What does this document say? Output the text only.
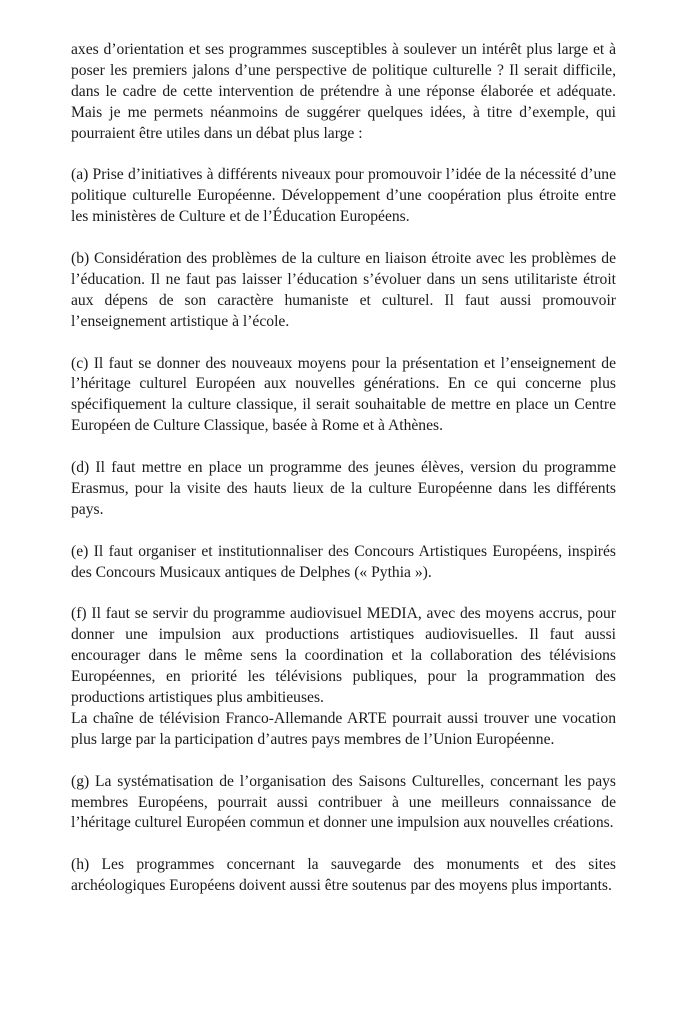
axes d’orientation et ses programmes susceptibles à soulever un intérêt plus large et à poser les premiers jalons d’une perspective de politique culturelle ? Il serait difficile, dans le cadre de cette intervention de prétendre à une réponse élaborée et adéquate. Mais je me permets néanmoins de suggérer quelques idées, à titre d’exemple, qui pourraient être utiles dans un débat plus large :

(a) Prise d’initiatives à différents niveaux pour promouvoir l’idée de la nécessité d’une politique culturelle Européenne. Développement d’une coopération plus étroite entre les ministères de Culture et de l’Éducation Européens.

(b) Considération des problèmes de la culture en liaison étroite avec les problèmes de l’éducation. Il ne faut pas laisser l’éducation s’évoluer dans un sens utilitariste étroit aux dépens de son caractère humaniste et culturel. Il faut aussi promouvoir l’enseignement artistique à l’école.

(c) Il faut se donner des nouveaux moyens pour la présentation et l’enseignement de l’héritage culturel Européen aux nouvelles générations. En ce qui concerne plus spécifiquement la culture classique, il serait souhaitable de mettre en place un Centre Européen de Culture Classique, basée à Rome et à Athènes.

(d) Il faut mettre en place un programme des jeunes élèves, version du programme Erasmus, pour la visite des hauts lieux de la culture Européenne dans les différents pays.

(e) Il faut organiser et institutionnaliser des Concours Artistiques Européens, inspirés des Concours Musicaux antiques de Delphes (« Pythia »).

(f) Il faut se servir du programme audiovisuel MEDIA, avec des moyens accrus, pour donner une impulsion aux productions artistiques audiovisuelles. Il faut aussi encourager dans le même sens la coordination et la collaboration des télévisions Européennes, en priorité les télévisions publiques, pour la programmation des productions artistiques plus ambitieuses.
La chaîne de télévision Franco-Allemande ARTE pourrait aussi trouver une vocation plus large par la participation d’autres pays membres de l’Union Européenne.

(g) La systématisation de l’organisation des Saisons Culturelles, concernant les pays membres Européens, pourrait aussi contribuer à une meilleurs connaissance de l’héritage culturel Européen commun et donner une impulsion aux nouvelles créations.

(h) Les programmes concernant la sauvegarde des monuments et des sites archéologiques Européens doivent aussi être soutenus par des moyens plus importants.
